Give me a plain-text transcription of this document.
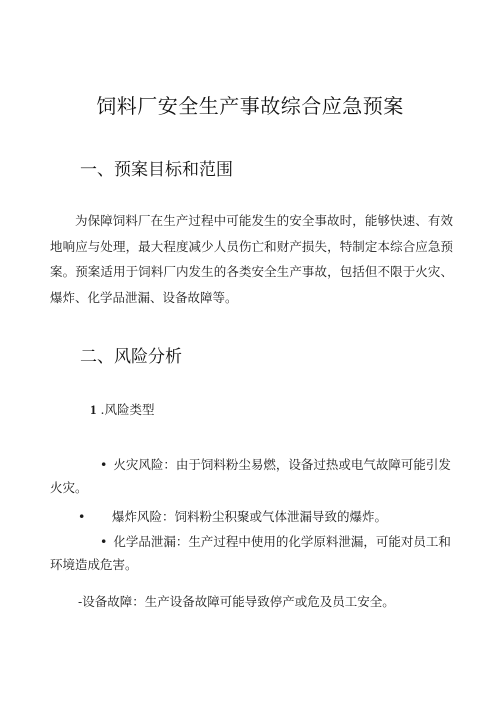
饲料厂安全生产事故综合应急预案
一、预案目标和范围

为保障饲料厂在生产过程中可能发生的安全事故时，能够快速、有效地响应与处理，最大程度减少人员伤亡和财产损失，特制定本综合应急预案。预案适用于饲料厂内发生的各类安全生产事故，包括但不限于火灾、爆炸、化学品泄漏、设备故障等。

二、风险分析

1 .风险类型

• 火灾风险：由于饲料粉尘易燃，设备过热或电气故障可能引发火灾。

• 爆炸风险：饲料粉尘积聚或气体泄漏导致的爆炸。

• 化学品泄漏：生产过程中使用的化学原料泄漏，可能对员工和环境造成危害。

-设备故障：生产设备故障可能导致停产或危及员工安全。
